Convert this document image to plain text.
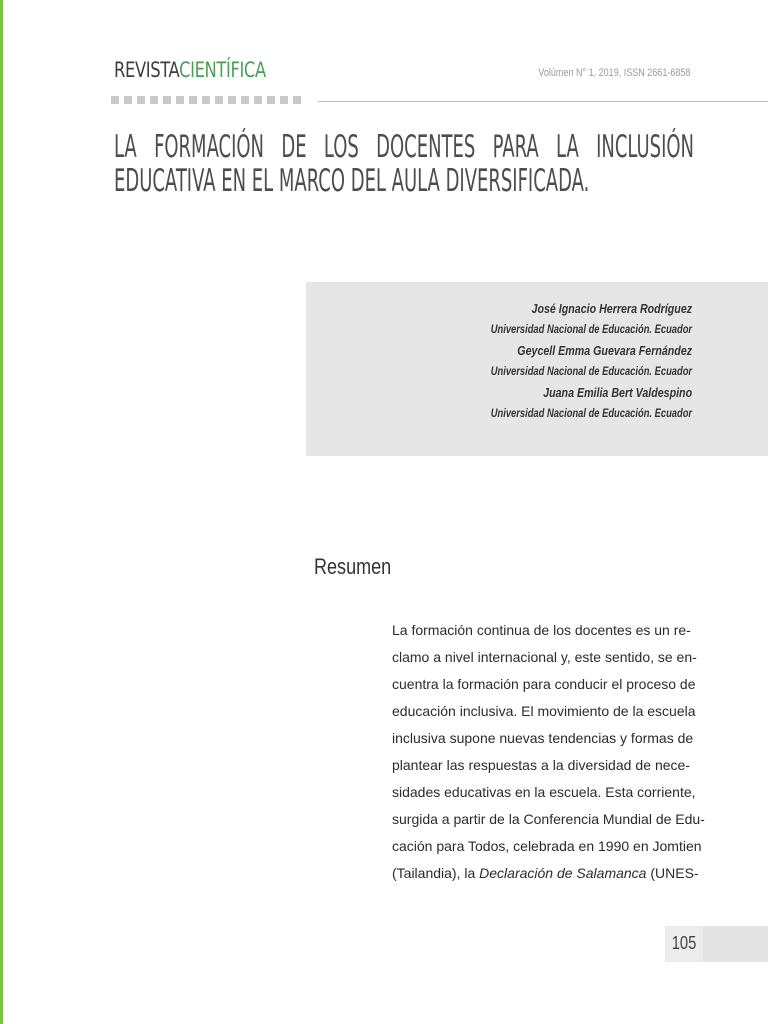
REVISTACIENTÍFICA	Volúmen N° 1, 2019, ISSN 2661-6858
LA FORMACIÓN DE LOS DOCENTES PARA LA INCLUSIÓN
EDUCATIVA EN EL MARCO DEL AULA DIVERSIFICADA.
José Ignacio Herrera Rodríguez
Universidad Nacional de Educación. Ecuador
Geycell Emma Guevara Fernández
Universidad Nacional de Educación. Ecuador
Juana Emilia Bert Valdespino
Universidad Nacional de Educación. Ecuador
Resumen
La formación continua de los docentes es un re-
clamo a nivel internacional y, este sentido, se en-
cuentra la formación para conducir el proceso de
educación inclusiva. El movimiento de la escuela
inclusiva supone nuevas tendencias y formas de
plantear las respuestas a la diversidad de nece-
sidades educativas en la escuela. Esta corriente,
surgida a partir de la Conferencia Mundial de Edu-
cación para Todos, celebrada en 1990 en Jomtien
(Tailandia), la Declaración de Salamanca (UNES-
105
